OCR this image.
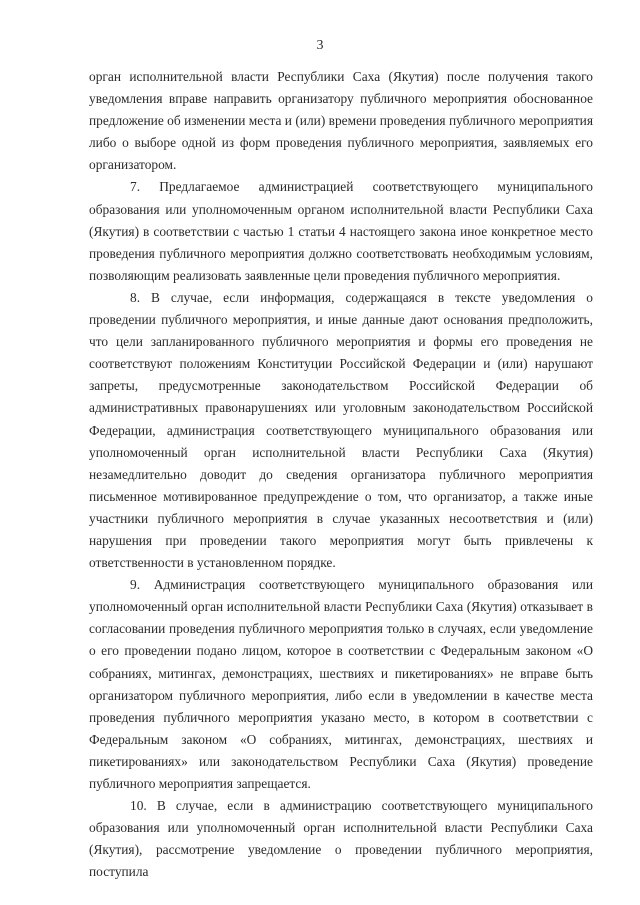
3

орган исполнительной власти Республики Саха (Якутия) после получения такого уведомления вправе направить организатору публичного мероприятия обоснованное предложение об изменении места и (или) времени проведения публичного мероприятия либо о выборе одной из форм проведения публичного мероприятия, заявляемых его организатором.

7. Предлагаемое администрацией соответствующего муниципального образования или уполномоченным органом исполнительной власти Республики Саха (Якутия) в соответствии с частью 1 статьи 4 настоящего закона иное конкретное место проведения публичного мероприятия должно соответствовать необходимым условиям, позволяющим реализовать заявленные цели проведения публичного мероприятия.

8. В случае, если информация, содержащаяся в тексте уведомления о проведении публичного мероприятия, и иные данные дают основания предположить, что цели запланированного публичного мероприятия и формы его проведения не соответствуют положениям Конституции Российской Федерации и (или) нарушают запреты, предусмотренные законодательством Российской Федерации об административных правонарушениях или уголовным законодательством Российской Федерации, администрация соответствующего муниципального образования или уполномоченный орган исполнительной власти Республики Саха (Якутия) незамедлительно доводит до сведения организатора публичного мероприятия письменное мотивированное предупреждение о том, что организатор, а также иные участники публичного мероприятия в случае указанных несоответствия и (или) нарушения при проведении такого мероприятия могут быть привлечены к ответственности в установленном порядке.

9. Администрация соответствующего муниципального образования или уполномоченный орган исполнительной власти Республики Саха (Якутия) отказывает в согласовании проведения публичного мероприятия только в случаях, если уведомление о его проведении подано лицом, которое в соответствии с Федеральным законом «О собраниях, митингах, демонстрациях, шествиях и пикетированиях» не вправе быть организатором публичного мероприятия, либо если в уведомлении в качестве места проведения публичного мероприятия указано место, в котором в соответствии с Федеральным законом «О собраниях, митингах, демонстрациях, шествиях и пикетированиях» или законодательством Республики Саха (Якутия) проведение публичного мероприятия запрещается.

10. В случае, если в администрацию соответствующего муниципального образования или уполномоченный орган исполнительной власти Республики Саха (Якутия), рассмотрение уведомление о проведении публичного мероприятия, поступила
